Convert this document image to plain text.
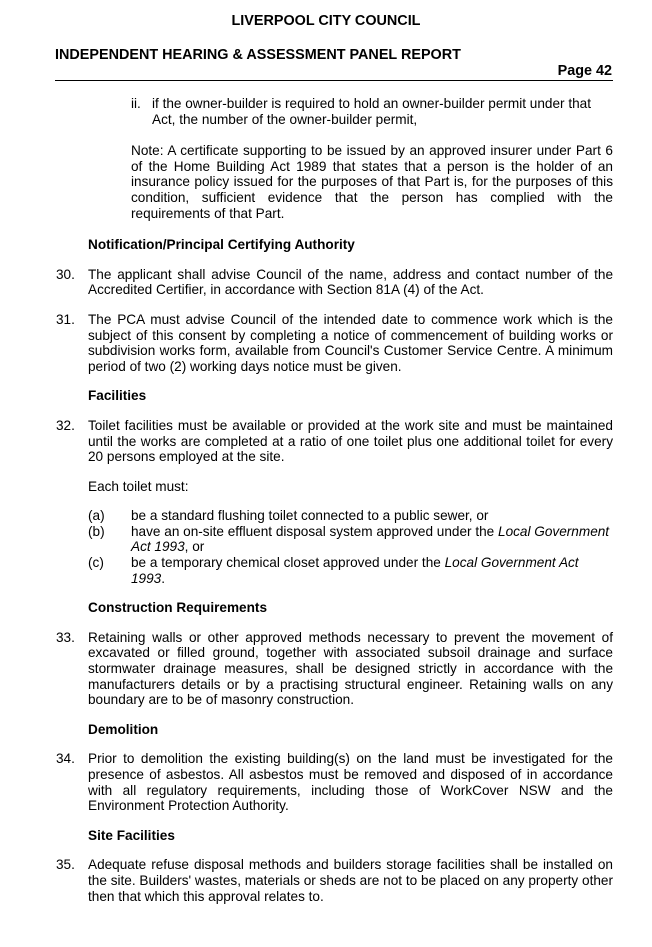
LIVERPOOL CITY COUNCIL
INDEPENDENT HEARING & ASSESSMENT PANEL REPORT
Page 42
ii. if the owner-builder is required to hold an owner-builder permit under that Act, the number of the owner-builder permit,
Note: A certificate supporting to be issued by an approved insurer under Part 6 of the Home Building Act 1989 that states that a person is the holder of an insurance policy issued for the purposes of that Part is, for the purposes of this condition, sufficient evidence that the person has complied with the requirements of that Part.
Notification/Principal Certifying Authority
30. The applicant shall advise Council of the name, address and contact number of the Accredited Certifier, in accordance with Section 81A (4) of the Act.
31. The PCA must advise Council of the intended date to commence work which is the subject of this consent by completing a notice of commencement of building works or subdivision works form, available from Council's Customer Service Centre. A minimum period of two (2) working days notice must be given.
Facilities
32. Toilet facilities must be available or provided at the work site and must be maintained until the works are completed at a ratio of one toilet plus one additional toilet for every 20 persons employed at the site.
Each toilet must:
(a)	be a standard flushing toilet connected to a public sewer, or
(b)	have an on-site effluent disposal system approved under the Local Government Act 1993, or
(c)	be a temporary chemical closet approved under the Local Government Act 1993.
Construction Requirements
33. Retaining walls or other approved methods necessary to prevent the movement of excavated or filled ground, together with associated subsoil drainage and surface stormwater drainage measures, shall be designed strictly in accordance with the manufacturers details or by a practising structural engineer. Retaining walls on any boundary are to be of masonry construction.
Demolition
34. Prior to demolition the existing building(s) on the land must be investigated for the presence of asbestos. All asbestos must be removed and disposed of in accordance with all regulatory requirements, including those of WorkCover NSW and the Environment Protection Authority.
Site Facilities
35. Adequate refuse disposal methods and builders storage facilities shall be installed on the site. Builders' wastes, materials or sheds are not to be placed on any property other then that which this approval relates to.
